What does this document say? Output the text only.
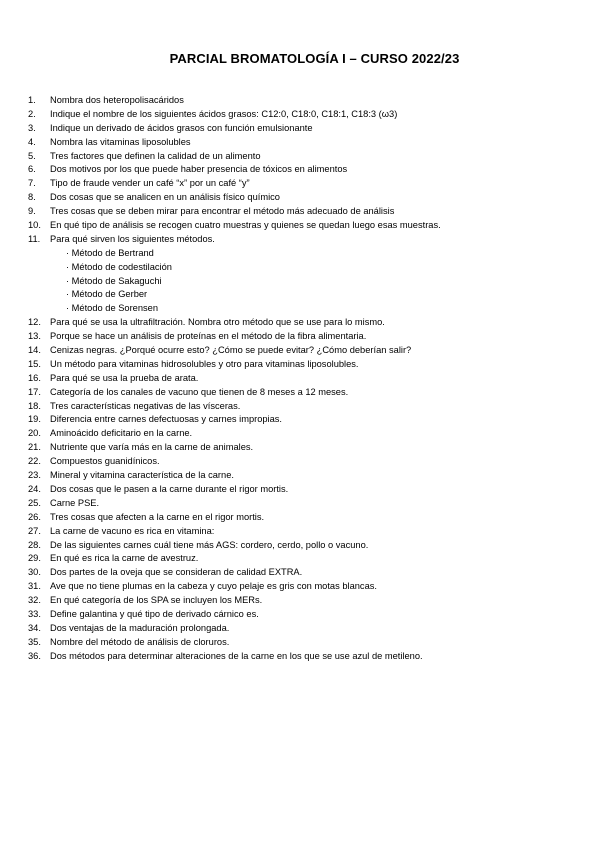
PARCIAL BROMATOLOGÍA I – CURSO 2022/23
1.	Nombra dos heteropolisacáridos
2.	Indique el nombre de los siguientes ácidos grasos: C12:0, C18:0, C18:1, C18:3 (ω3)
3.	Indique un derivado de ácidos grasos con función emulsionante
4.	Nombra las vitaminas liposolubles
5.	Tres factores que definen la calidad de un alimento
6.	Dos motivos por los que puede haber presencia de tóxicos en alimentos
7.	Tipo de fraude vender un café “x” por un café “y”
8.	Dos cosas que se analicen en un análisis físico químico
9.	Tres cosas que se deben mirar para encontrar el método más adecuado de análisis
10. En qué tipo de análisis se recogen cuatro muestras y quienes se quedan luego esas muestras.
11.	Para qué sirven los siguientes métodos.
· Método de Bertrand
· Método de codestilación
· Método de Sakaguchi
· Método de Gerber
· Método de Sorensen
12. Para qué se usa la ultrafiltración. Nombra otro método que se use para lo mismo.
13. Porque se hace un análisis de proteínas en el método de la fibra alimentaria.
14. Cenizas negras. ¿Porqué ocurre esto? ¿Cómo se puede evitar? ¿Cómo deberían salir?
15. Un método para vitaminas hidrosolubles y otro para vitaminas liposolubles.
16. Para qué se usa la prueba de arata.
17. Categoría de los canales de vacuno que tienen de 8 meses a 12 meses.
18. Tres características negativas de las vísceras.
19. Diferencia entre carnes defectuosas y carnes impropias.
20. Aminoácido deficitario en la carne.
21. Nutriente que varía más en la carne de animales.
22. Compuestos guanidínicos.
23. Mineral y vitamina característica de la carne.
24. Dos cosas que le pasen a la carne durante el rigor mortis.
25. Carne PSE.
26. Tres cosas que afecten a la carne en el rigor mortis.
27. La carne de vacuno es rica en vitamina:
28. De las siguientes carnes cuál tiene más AGS: cordero, cerdo, pollo o vacuno.
29. En qué es rica la carne de avestruz.
30. Dos partes de la oveja que se consideran de calidad EXTRA.
31. Ave que no tiene plumas en la cabeza y cuyo pelaje es gris con motas blancas.
32. En qué categoría de los SPA se incluyen los MERs.
33. Define galantina y qué tipo de derivado cárnico es.
34. Dos ventajas de la maduración prolongada.
35. Nombre del método de análisis de cloruros.
36. Dos métodos para determinar alteraciones de la carne en los que se use azul de metileno.
